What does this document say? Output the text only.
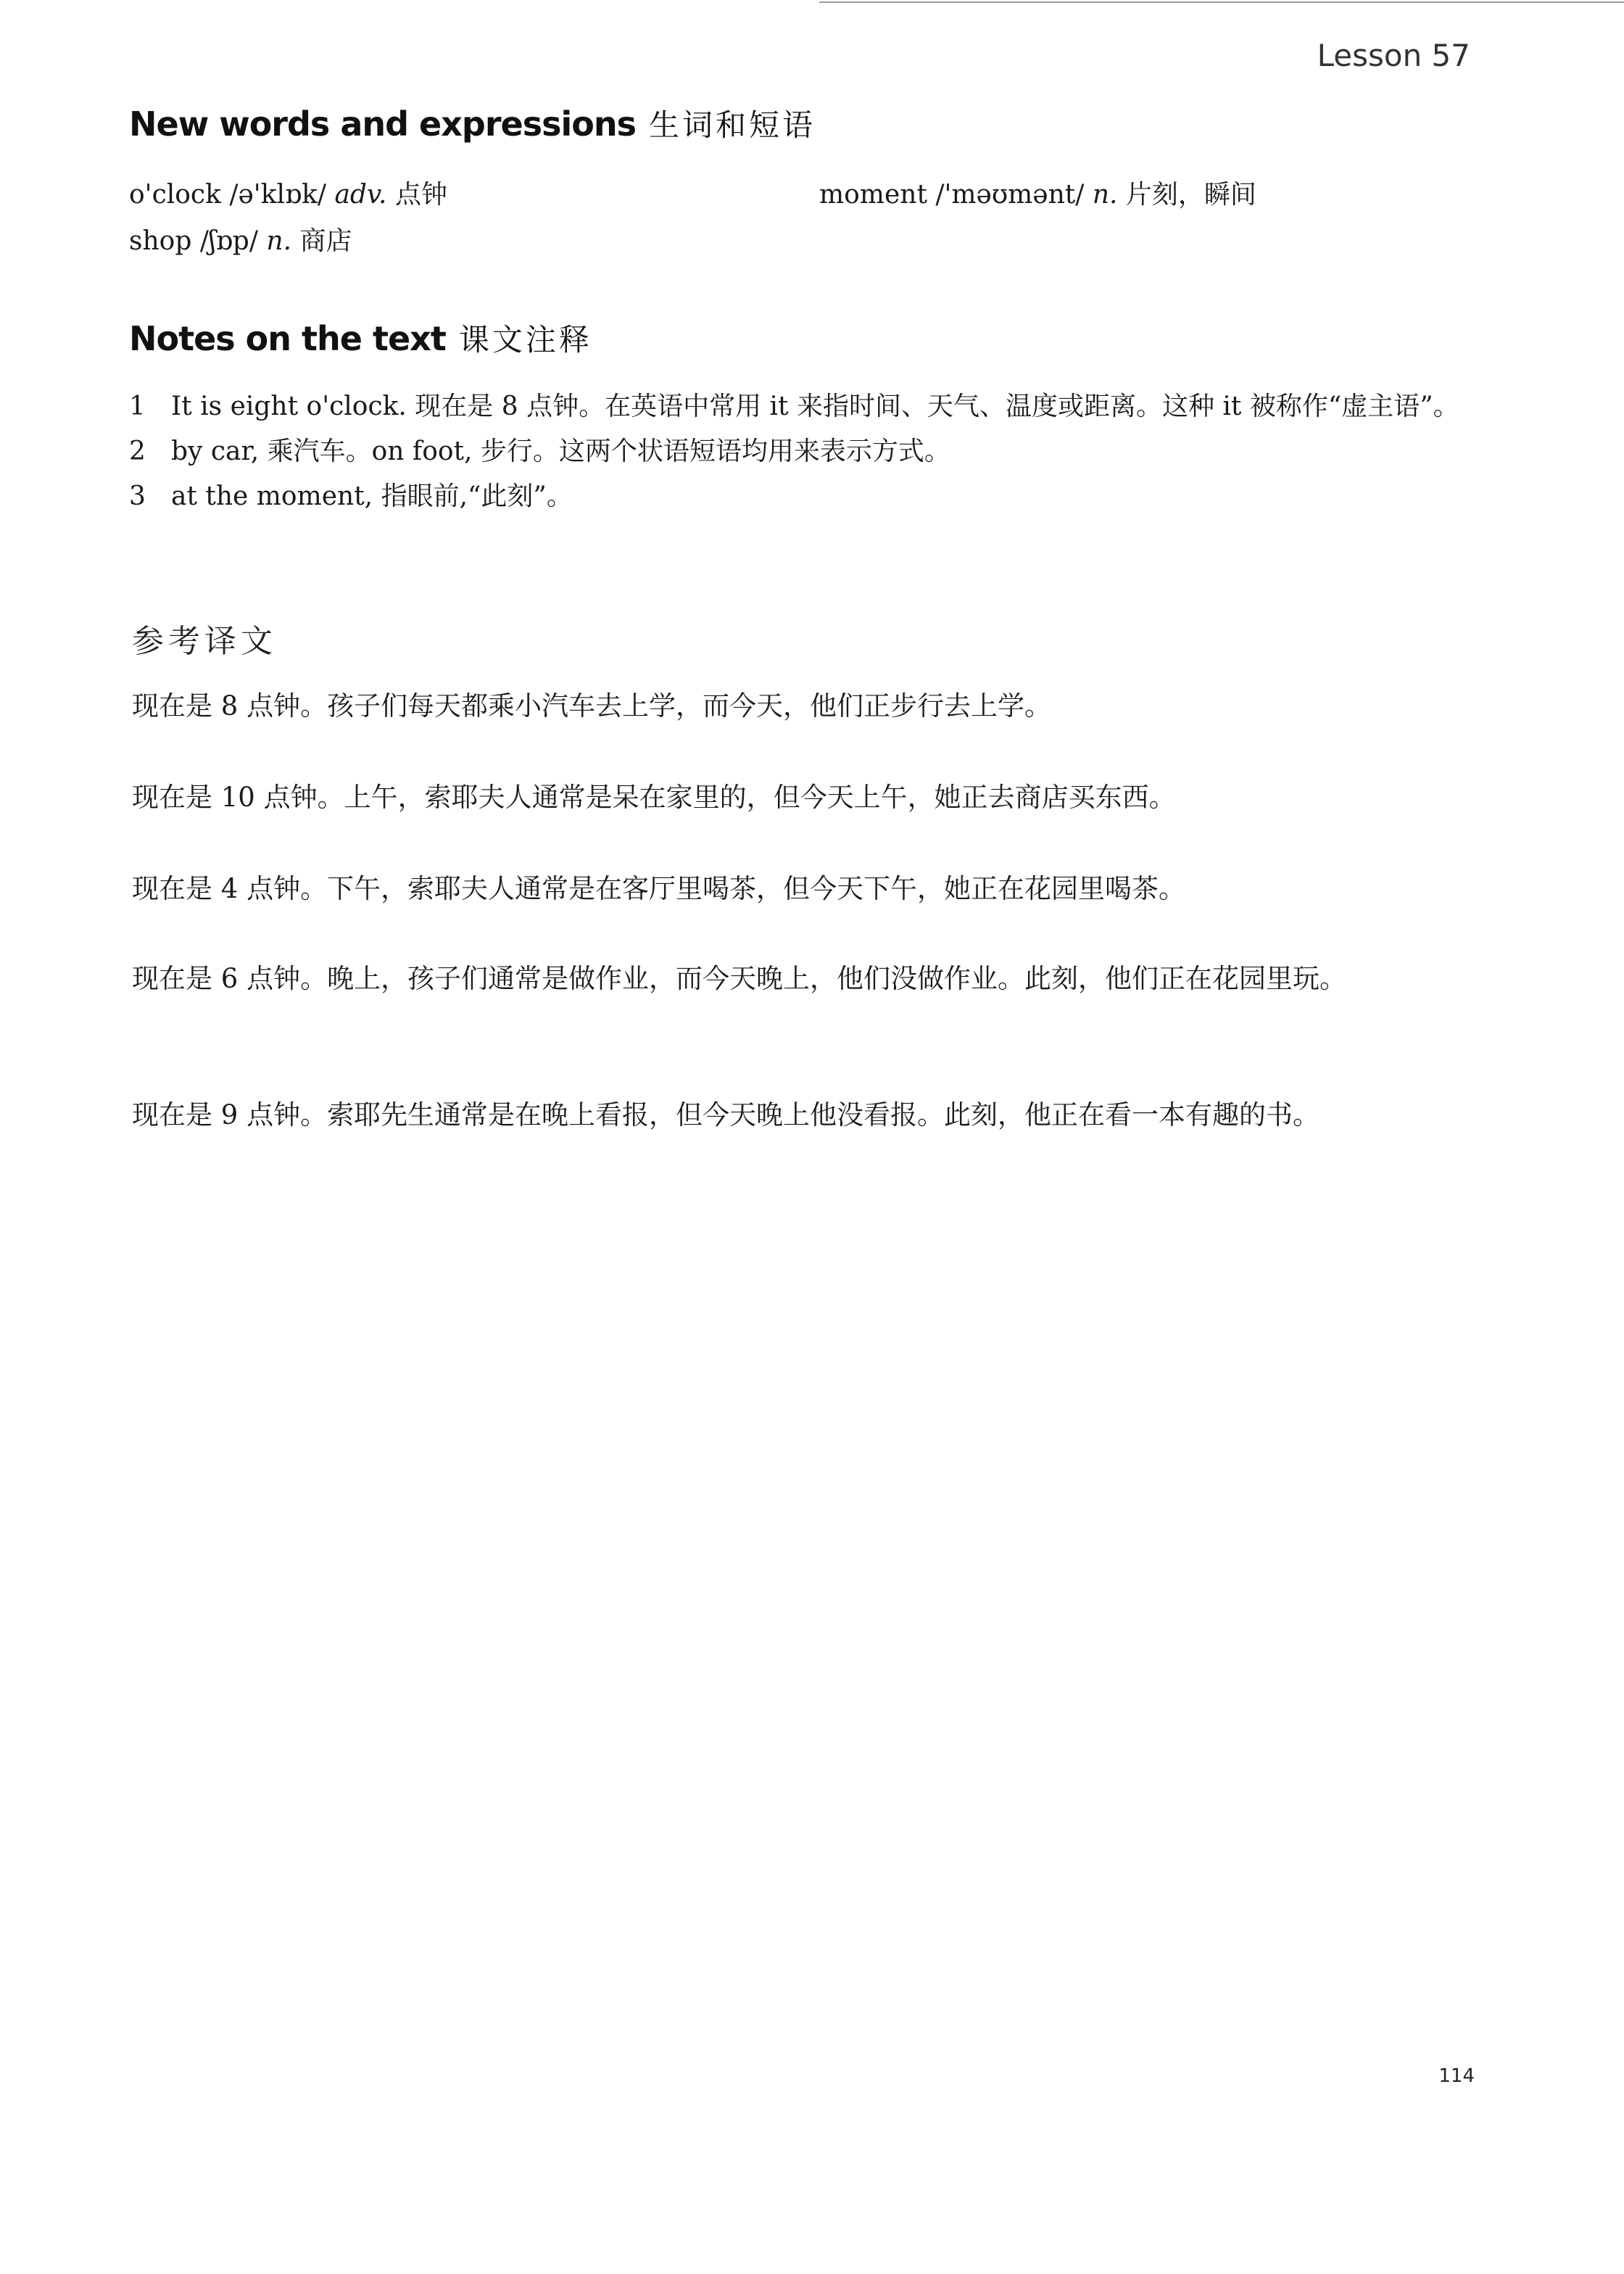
Lesson 57
New words and expressions 生词和短语
o'clock /ə'klɒk/ adv. 点钟
shop /ʃɒp/ n. 商店
moment /'məʊmənt/ n. 片刻，瞬间
Notes on the text 课文注释
1 It is eight o'clock. 现在是 8 点钟。在英语中常用 it 来指时间、天气、温度或距离。这种 it 被称作“虚主语”。
2 by car, 乘汽车。on foot, 步行。这两个状语短语均用来表示方式。
3 at the moment, 指眼前,“此刻”。
参考译文
现在是 8 点钟。孩子们每天都乘小汽车去上学，而今天，他们正步行去上学。
现在是 10 点钟。上午，索耶夫人通常是呆在家里的，但今天上午，她正去商店买东西。
现在是 4 点钟。下午，索耶夫人通常是在客厅里喝茶，但今天下午，她正在花园里喝茶。
现在是 6 点钟。晚上，孩子们通常是做作业，而今天晚上，他们没做作业。此刻，他们正在花园里玩。
现在是 9 点钟。索耶先生通常是在晚上看报，但今天晚上他没看报。此刻，他正在看一本有趣的书。
114
